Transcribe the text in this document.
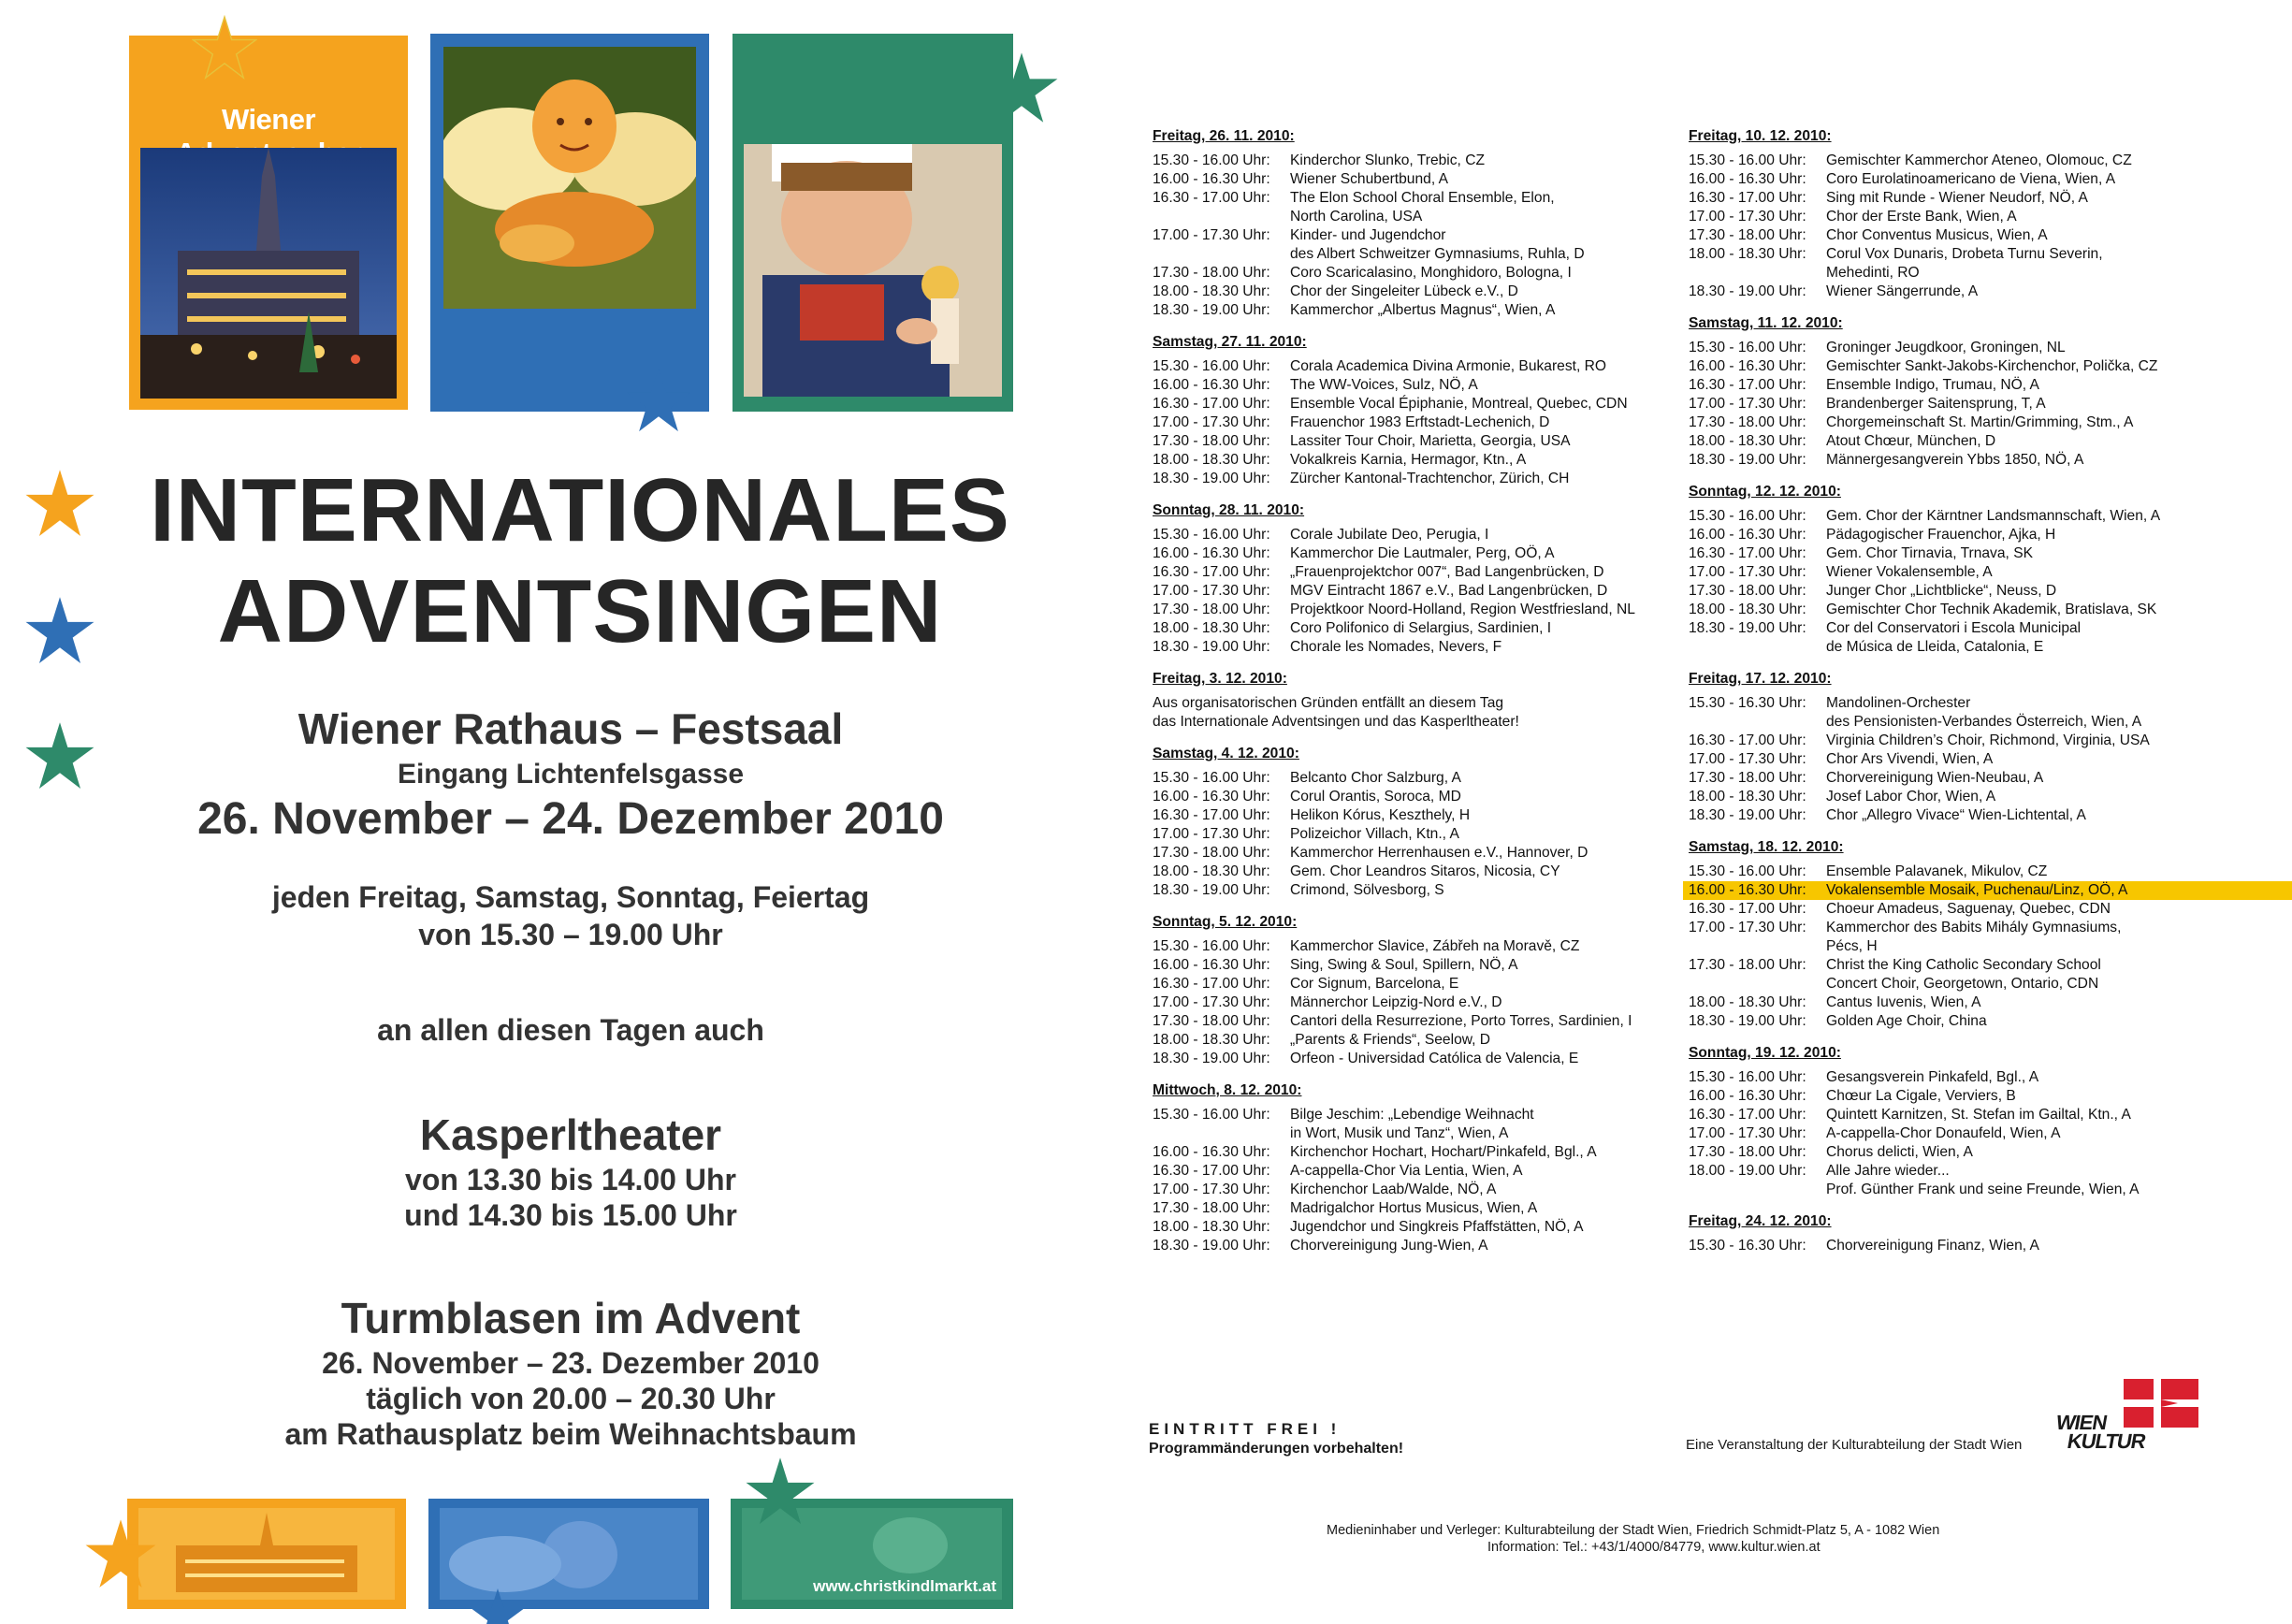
Wiener
INTERNATIONALES
ADVENTSINGEN
Wiener Rathaus – Festsaal
Eingang Lichtenfelsgasse
26. November – 24. Dezember 2010
jeden Freitag, Samstag, Sonntag, Feiertag
von 15.30 – 19.00 Uhr
an allen diesen Tagen auch
Kasperltheater
von 13.30 bis 14.00 Uhr
und 14.30 bis 15.00 Uhr
Turmblasen im Advent
26. November – 23. Dezember 2010
täglich von 20.00 – 20.30 Uhr
am Rathausplatz beim Weihnachtsbaum
www.christkindlmarkt.at
Freitag, 26. 11. 2010:
15.30 - 16.00 Uhr:	Kinderchor Slunko, Trebic, CZ
16.00 - 16.30 Uhr:	Wiener Schubertbund, A
16.30 - 17.00 Uhr:	The Elon School Choral Ensemble, Elon,
North Carolina, USA
17.00 - 17.30 Uhr:	Kinder- und Jugendchor
des Albert Schweitzer Gymnasiums, Ruhla, D
17.30 - 18.00 Uhr:	Coro Scaricalasino, Monghidoro, Bologna, I
18.00 - 18.30 Uhr:	Chor der Singeleiter Lübeck e.V., D
18.30 - 19.00 Uhr:	Kammerchor „Albertus Magnus“, Wien, A
Samstag, 27. 11. 2010:
15.30 - 16.00 Uhr:	Corala Academica Divina Armonie, Bukarest, RO
16.00 - 16.30 Uhr:	The WW-Voices, Sulz, NÖ, A
16.30 - 17.00 Uhr:	Ensemble Vocal Épiphanie, Montreal, Quebec, CDN
17.00 - 17.30 Uhr:	Frauenchor 1983 Erftstadt-Lechenich, D
17.30 - 18.00 Uhr:	Lassiter Tour Choir, Marietta, Georgia, USA
18.00 - 18.30 Uhr:	Vokalkreis Karnia, Hermagor, Ktn., A
18.30 - 19.00 Uhr:	Zürcher Kantonal-Trachtenchor, Zürich, CH
Sonntag, 28. 11. 2010:
15.30 - 16.00 Uhr:	Corale Jubilate Deo, Perugia, I
16.00 - 16.30 Uhr:	Kammerchor Die Lautmaler, Perg, OÖ, A
16.30 - 17.00 Uhr:	„Frauenprojektchor 007“, Bad Langenbrücken, D
17.00 - 17.30 Uhr:	MGV Eintracht 1867 e.V., Bad Langenbrücken, D
17.30 - 18.00 Uhr:	Projektkoor Noord-Holland, Region Westfriesland, NL
18.00 - 18.30 Uhr:	Coro Polifonico di Selargius, Sardinien, I
18.30 - 19.00 Uhr:	Chorale les Nomades, Nevers, F
Freitag, 3. 12. 2010:
Aus organisatorischen Gründen entfällt an diesem Tag
das Internationale Adventsingen und das Kasperltheater!
Samstag, 4. 12. 2010:
15.30 - 16.00 Uhr:	Belcanto Chor Salzburg, A
16.00 - 16.30 Uhr:	Corul Orantis, Soroca, MD
16.30 - 17.00 Uhr:	Helikon Kórus, Keszthely, H
17.00 - 17.30 Uhr:	Polizeichor Villach, Ktn., A
17.30 - 18.00 Uhr:	Kammerchor Herrenhausen e.V., Hannover, D
18.00 - 18.30 Uhr:	Gem. Chor Leandros Sitaros, Nicosia, CY
18.30 - 19.00 Uhr:	Crimond, Sölvesborg, S
Sonntag, 5. 12. 2010:
15.30 - 16.00 Uhr:	Kammerchor Slavice, Zábřeh na Moravě, CZ
16.00 - 16.30 Uhr:	Sing, Swing & Soul, Spillern, NÖ, A
16.30 - 17.00 Uhr:	Cor Signum, Barcelona, E
17.00 - 17.30 Uhr:	Männerchor Leipzig-Nord e.V., D
17.30 - 18.00 Uhr:	Cantori della Resurrezione, Porto Torres, Sardinien, I
18.00 - 18.30 Uhr:	„Parents & Friends“, Seelow, D
18.30 - 19.00 Uhr:	Orfeon - Universidad Católica de Valencia, E
Mittwoch, 8. 12. 2010:
15.30 - 16.00 Uhr:	Bilge Jeschim: „Lebendige Weihnacht
in Wort, Musik und Tanz“, Wien, A
16.00 - 16.30 Uhr:	Kirchenchor Hochart, Hochart/Pinkafeld, Bgl., A
16.30 - 17.00 Uhr:	A-cappella-Chor Via Lentia, Wien, A
17.00 - 17.30 Uhr:	Kirchenchor Laab/Walde, NÖ, A
17.30 - 18.00 Uhr:	Madrigalchor Hortus Musicus, Wien, A
18.00 - 18.30 Uhr:	Jugendchor und Singkreis Pfaffstätten, NÖ, A
18.30 - 19.00 Uhr:	Chorvereinigung Jung-Wien, A
Freitag, 10. 12. 2010:
15.30 - 16.00 Uhr:	Gemischter Kammerchor Ateneo, Olomouc, CZ
16.00 - 16.30 Uhr:	Coro Eurolatinoamericano de Viena, Wien, A
16.30 - 17.00 Uhr:	Sing mit Runde - Wiener Neudorf, NÖ, A
17.00 - 17.30 Uhr:	Chor der Erste Bank, Wien, A
17.30 - 18.00 Uhr:	Chor Conventus Musicus, Wien, A
18.00 - 18.30 Uhr:	Corul Vox Dunaris, Drobeta Turnu Severin,
Mehedinti, RO
18.30 - 19.00 Uhr:	Wiener Sängerrunde, A
Samstag, 11. 12. 2010:
15.30 - 16.00 Uhr:	Groninger Jeugdkoor, Groningen, NL
16.00 - 16.30 Uhr:	Gemischter Sankt-Jakobs-Kirchenchor, Polička, CZ
16.30 - 17.00 Uhr:	Ensemble Indigo, Trumau, NÖ, A
17.00 - 17.30 Uhr:	Brandenberger Saitensprung, T, A
17.30 - 18.00 Uhr:	Chorgemeinschaft St. Martin/Grimming, Stm., A
18.00 - 18.30 Uhr:	Atout Chœur, München, D
18.30 - 19.00 Uhr:	Männergesangverein Ybbs 1850, NÖ, A
Sonntag, 12. 12. 2010:
15.30 - 16.00 Uhr:	Gem. Chor der Kärntner Landsmannschaft, Wien, A
16.00 - 16.30 Uhr:	Pädagogischer Frauenchor, Ajka, H
16.30 - 17.00 Uhr:	Gem. Chor Tirnavia, Trnava, SK
17.00 - 17.30 Uhr:	Wiener Vokalensemble, A
17.30 - 18.00 Uhr:	Junger Chor „Lichtblicke“, Neuss, D
18.00 - 18.30 Uhr:	Gemischter Chor Technik Akademik, Bratislava, SK
18.30 - 19.00 Uhr:	Cor del Conservatori i Escola Municipal
de Música de Lleida, Catalonia, E
Freitag, 17. 12. 2010:
15.30 - 16.30 Uhr:	Mandolinen-Orchester
des Pensionisten-Verbandes Österreich, Wien, A
16.30 - 17.00 Uhr:	Virginia Children’s Choir, Richmond, Virginia, USA
17.00 - 17.30 Uhr:	Chor Ars Vivendi, Wien, A
17.30 - 18.00 Uhr:	Chorvereinigung Wien-Neubau, A
18.00 - 18.30 Uhr:	Josef Labor Chor, Wien, A
18.30 - 19.00 Uhr:	Chor „Allegro Vivace“ Wien-Lichtental, A
Samstag, 18. 12. 2010:
15.30 - 16.00 Uhr:	Ensemble Palavanek, Mikulov, CZ
16.00 - 16.30 Uhr:	Vokalensemble Mosaik, Puchenau/Linz, OÖ, A
16.30 - 17.00 Uhr:	Choeur Amadeus, Saguenay, Quebec, CDN
17.00 - 17.30 Uhr:	Kammerchor des Babits Mihály Gymnasiums,
Pécs, H
17.30 - 18.00 Uhr:	Christ the King Catholic Secondary School
Concert Choir, Georgetown, Ontario, CDN
18.00 - 18.30 Uhr:	Cantus Iuvenis, Wien, A
18.30 - 19.00 Uhr:	Golden Age Choir, China
Sonntag, 19. 12. 2010:
15.30 - 16.00 Uhr:	Gesangsverein Pinkafeld, Bgl., A
16.00 - 16.30 Uhr:	Chœur La Cigale, Verviers, B
16.30 - 17.00 Uhr:	Quintett Karnitzen, St. Stefan im Gailtal, Ktn., A
17.00 - 17.30 Uhr:	A-cappella-Chor Donaufeld, Wien, A
17.30 - 18.00 Uhr:	Chorus delicti, Wien, A
18.00 - 19.00 Uhr:	Alle Jahre wieder...
Prof. Günther Frank und seine Freunde, Wien, A
Freitag, 24. 12. 2010:
15.30 - 16.30 Uhr:	Chorvereinigung Finanz, Wien, A
EINTRITT FREI !
Programmänderungen vorbehalten!	Eine Veranstaltung der Kulturabteilung der Stadt Wien
WIEN
KULTUR
Medieninhaber und Verleger: Kulturabteilung der Stadt Wien, Friedrich Schmidt-Platz 5, A - 1082 Wien
Information: Tel.: +43/1/4000/84779, www.kultur.wien.at
